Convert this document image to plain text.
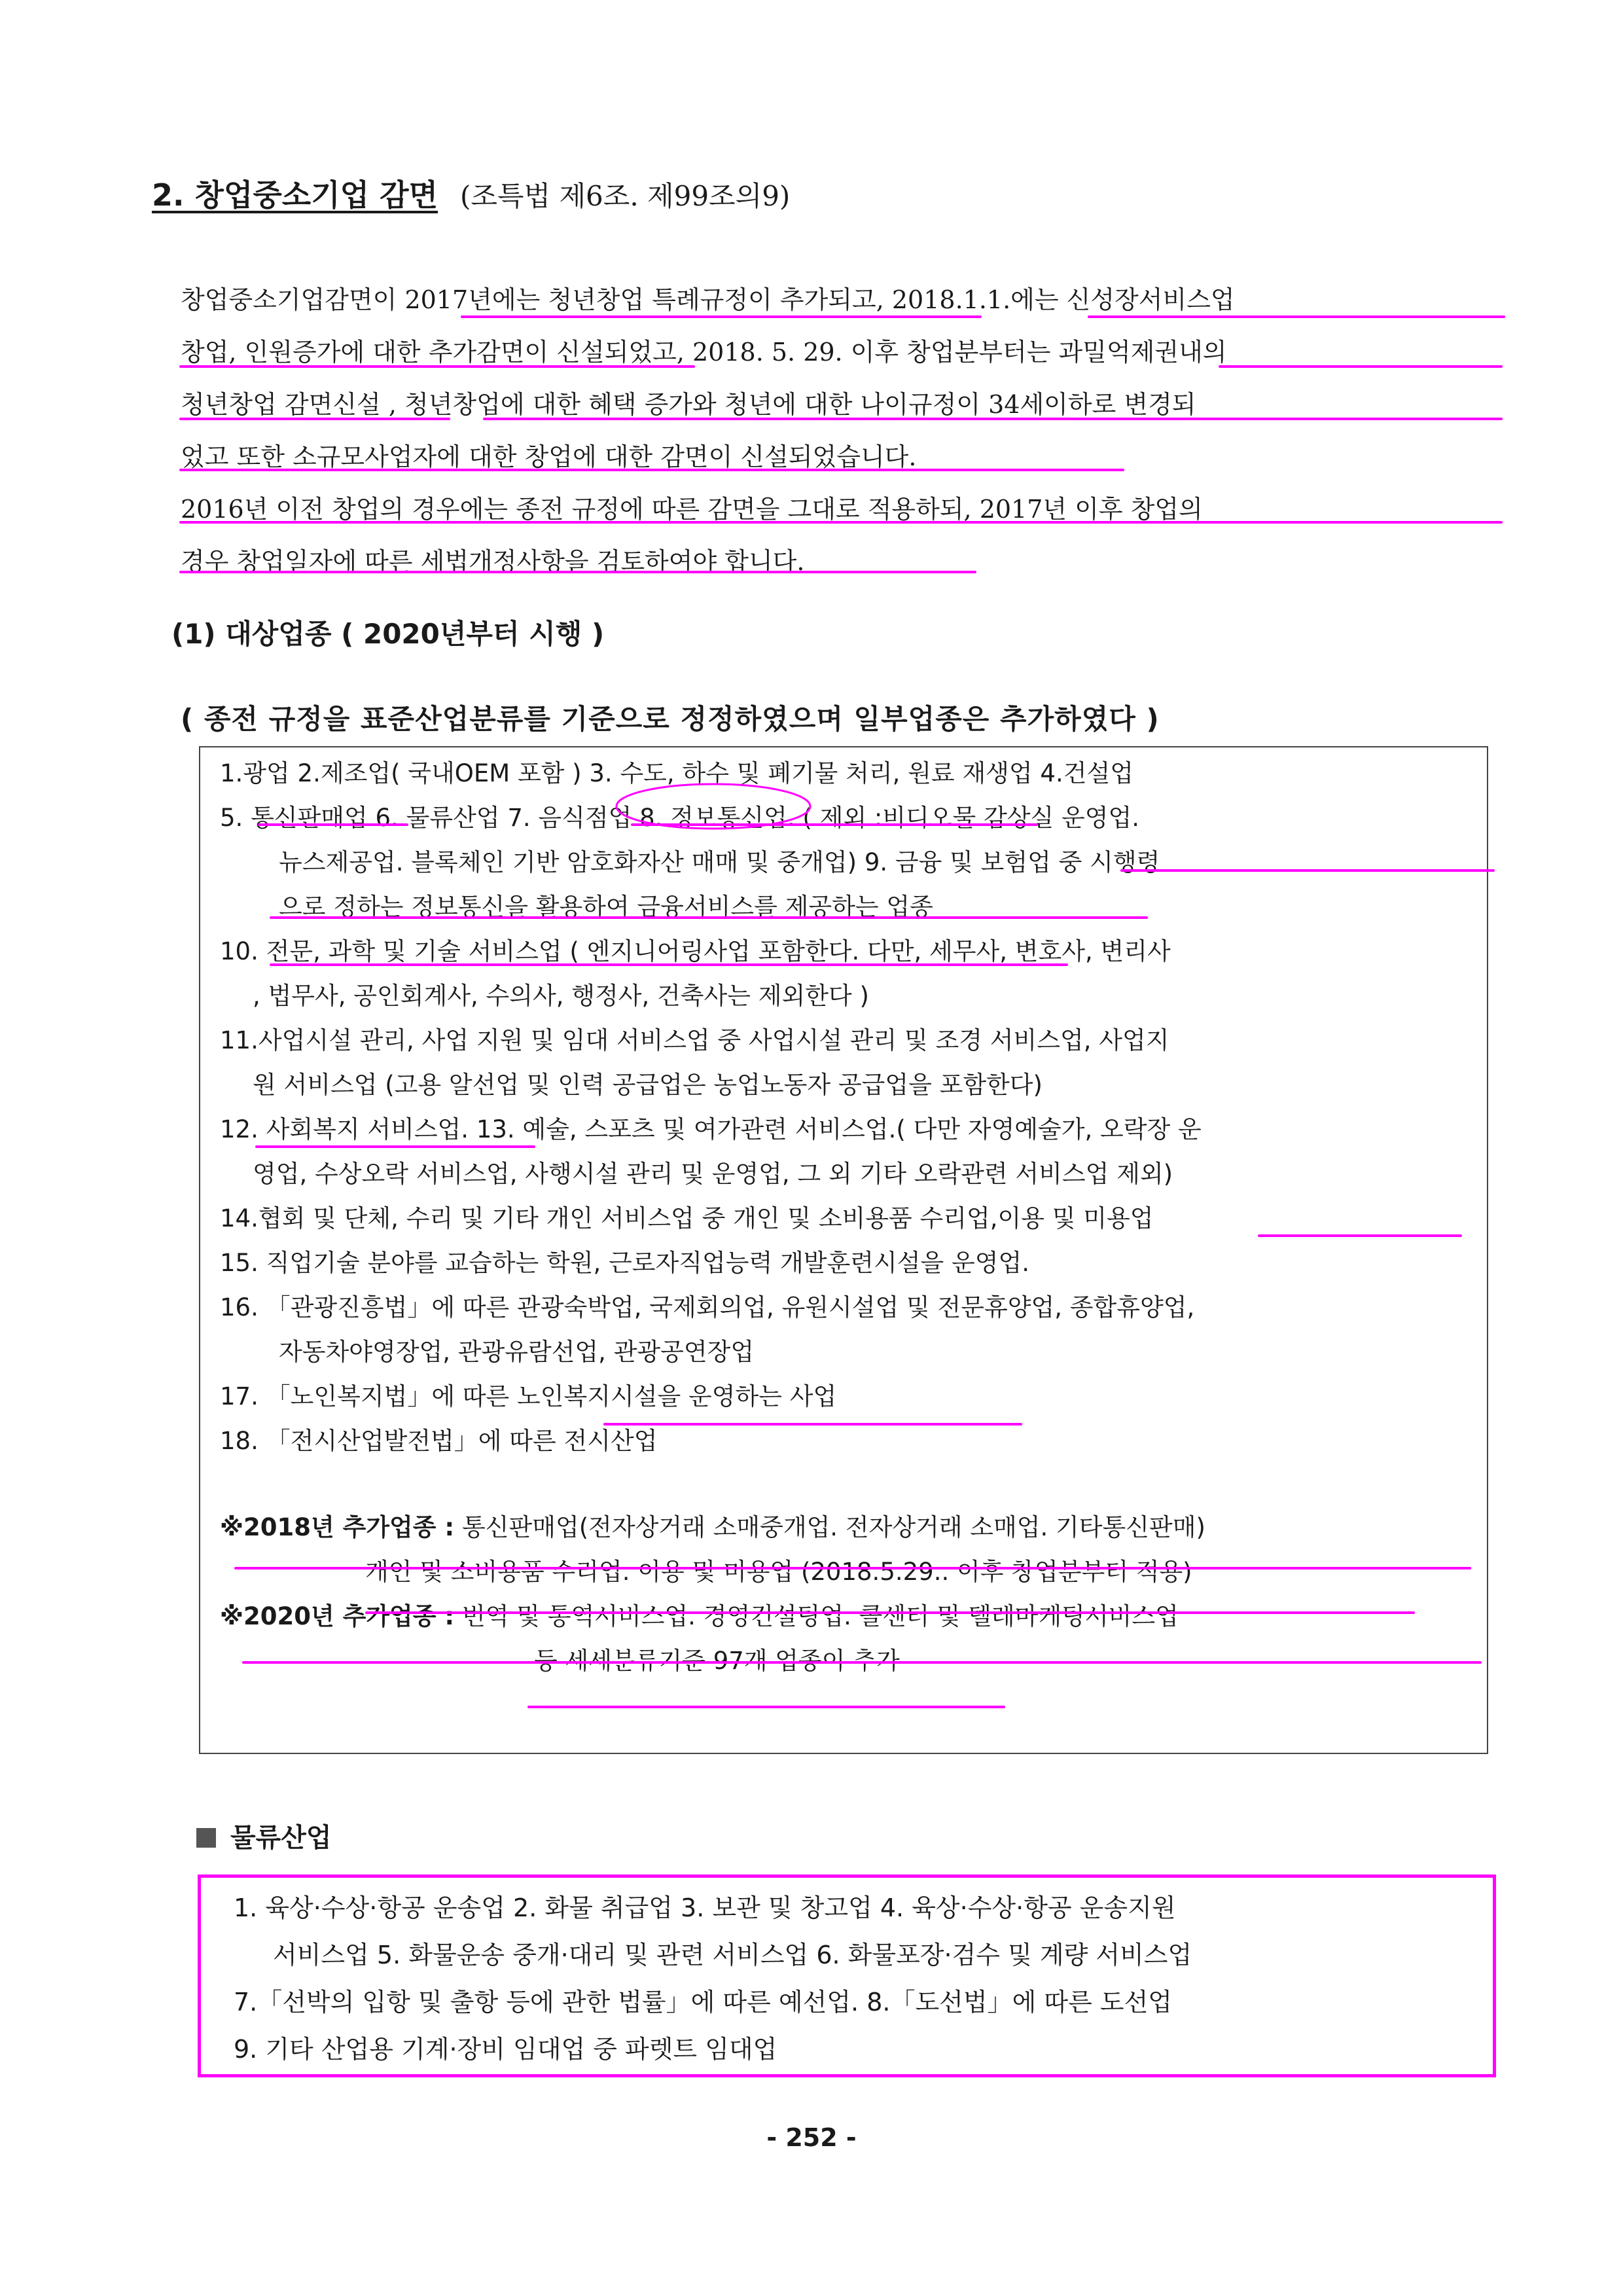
2. 창업중소기업 감면 (조특법 제6조. 제99조의9)
창업중소기업감면이 2017년에는 청년창업 특례규정이 추가되고, 2018.1.1.에는 신성장서비스업
창업, 인원증가에 대한 추가감면이 신설되었고, 2018. 5. 29. 이후 창업분부터는 과밀억제권내의
청년창업 감면신설 , 청년창업에 대한 혜택 증가와 청년에 대한 나이규정이 34세이하로 변경되
었고 또한 소규모사업자에 대한 창업에 대한 감면이 신설되었습니다.
2016년 이전 창업의 경우에는 종전 규정에 따른 감면을 그대로 적용하되, 2017년 이후 창업의
경우 창업일자에 따른 세법개정사항을 검토하여야 합니다.
(1) 대상업종 ( 2020년부터 시행 )
( 종전 규정을 표준산업분류를 기준으로 정정하였으며 일부업종은 추가하였다 )
1.광업 2.제조업( 국내OEM 포함 ) 3. 수도, 하수 및 폐기물 처리, 원료 재생업 4.건설업
5. 통신판매업 6. 물류산업 7. 음식점업 8. 정보통신업. ( 제외 :비디오물 감상실 운영업.
뉴스제공업. 블록체인 기반 암호화자산 매매 및 중개업) 9. 금융 및 보험업 중 시행령
으로 정하는 정보통신을 활용하여 금융서비스를 제공하는 업종
10. 전문, 과학 및 기술 서비스업 ( 엔지니어링사업 포함한다. 다만, 세무사, 변호사, 변리사
, 법무사, 공인회계사, 수의사, 행정사, 건축사는 제외한다 )
11.사업시설 관리, 사업 지원 및 임대 서비스업 중 사업시설 관리 및 조경 서비스업, 사업지
원 서비스업 (고용 알선업 및 인력 공급업은 농업노동자 공급업을 포함한다)
12. 사회복지 서비스업. 13. 예술, 스포츠 및 여가관련 서비스업.( 다만 자영예술가, 오락장 운
영업, 수상오락 서비스업, 사행시설 관리 및 운영업, 그 외 기타 오락관련 서비스업 제외)
14.협회 및 단체, 수리 및 기타 개인 서비스업 중 개인 및 소비용품 수리업,이용 및 미용업
15. 직업기술 분야를 교습하는 학원, 근로자직업능력 개발훈련시설을 운영업.
16. 「관광진흥법」에 따른 관광숙박업, 국제회의업, 유원시설업 및 전문휴양업, 종합휴양업,
자동차야영장업, 관광유람선업, 관광공연장업
17. 「노인복지법」에 따른 노인복지시설을 운영하는 사업
18. 「전시산업발전법」에 따른 전시산업
※2018년 추가업종 : 통신판매업(전자상거래 소매중개업. 전자상거래 소매업. 기타통신판매)
개인 및 소비용품 수리업. 이용 및 미용업 (2018.5.29.. 이후 창업분부터 적용)
※2020년 추가업종 : 번역 및 통역서비스업. 경영컨설팅업. 콜센터 및 텔레마케팅서비스업
등 세세분류기준 97개 업종이 추가
물류산업
1. 육상·수상·항공 운송업 2. 화물 취급업 3. 보관 및 창고업 4. 육상·수상·항공 운송지원
서비스업 5. 화물운송 중개·대리 및 관련 서비스업 6. 화물포장·검수 및 계량 서비스업
7.「선박의 입항 및 출항 등에 관한 법률」에 따른 예선업. 8.「도선법」에 따른 도선업
9. 기타 산업용 기계·장비 임대업 중 파렛트 임대업
- 252 -
